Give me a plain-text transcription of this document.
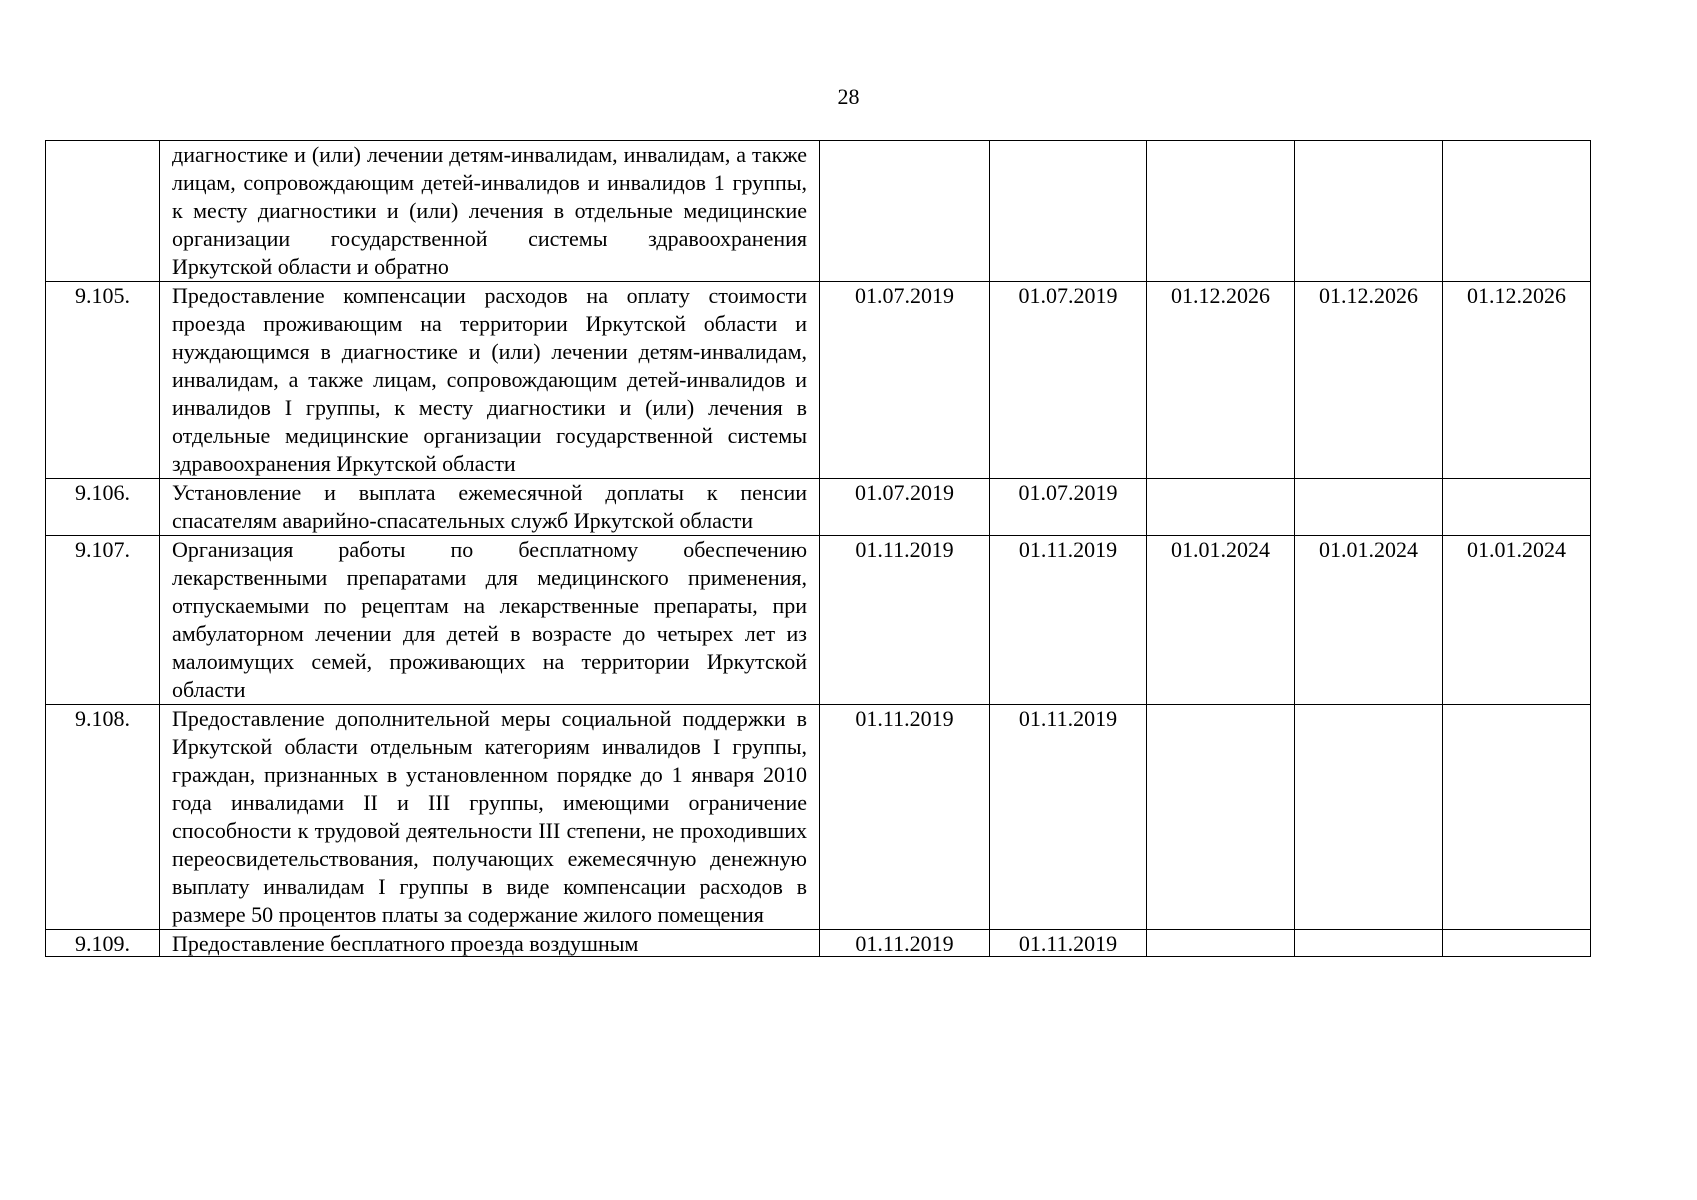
28
	диагностике и (или) лечении детям-инвалидам, инвалидам, а также лицам, сопровождающим детей-инвалидов и инвалидов 1 группы, к месту диагностики и (или) лечения в отдельные медицинские организации государственной системы здравоохранения Иркутской области и обратно					
9.105.	Предоставление компенсации расходов на оплату стоимости проезда проживающим на территории Иркутской области и нуждающимся в диагностике и (или) лечении детям-инвалидам, инвалидам, а также лицам, сопровождающим детей-инвалидов и инвалидов I группы, к месту диагностики и (или) лечения в отдельные медицинские организации государственной системы здравоохранения Иркутской области	01.07.2019	01.07.2019	01.12.2026	01.12.2026	01.12.2026
9.106.	Установление и выплата ежемесячной доплаты к пенсии спасателям аварийно-спасательных служб Иркутской области	01.07.2019	01.07.2019			
9.107.	Организация работы по бесплатному обеспечению лекарственными препаратами для медицинского применения, отпускаемыми по рецептам на лекарственные препараты, при амбулаторном лечении для детей в возрасте до четырех лет из малоимущих семей, проживающих на территории Иркутской области	01.11.2019	01.11.2019	01.01.2024	01.01.2024	01.01.2024
9.108.	Предоставление дополнительной меры социальной поддержки в Иркутской области отдельным категориям инвалидов I группы, граждан, признанных в установленном порядке до 1 января 2010 года инвалидами II и III группы, имеющими ограничение способности к трудовой деятельности III степени, не проходивших переосвидетельствования, получающих ежемесячную денежную выплату инвалидам I группы в виде компенсации расходов в размере 50 процентов платы за содержание жилого помещения	01.11.2019	01.11.2019			

9.109.	Предоставление бесплатного проезда воздушным	01.11.2019	01.11.2019			
